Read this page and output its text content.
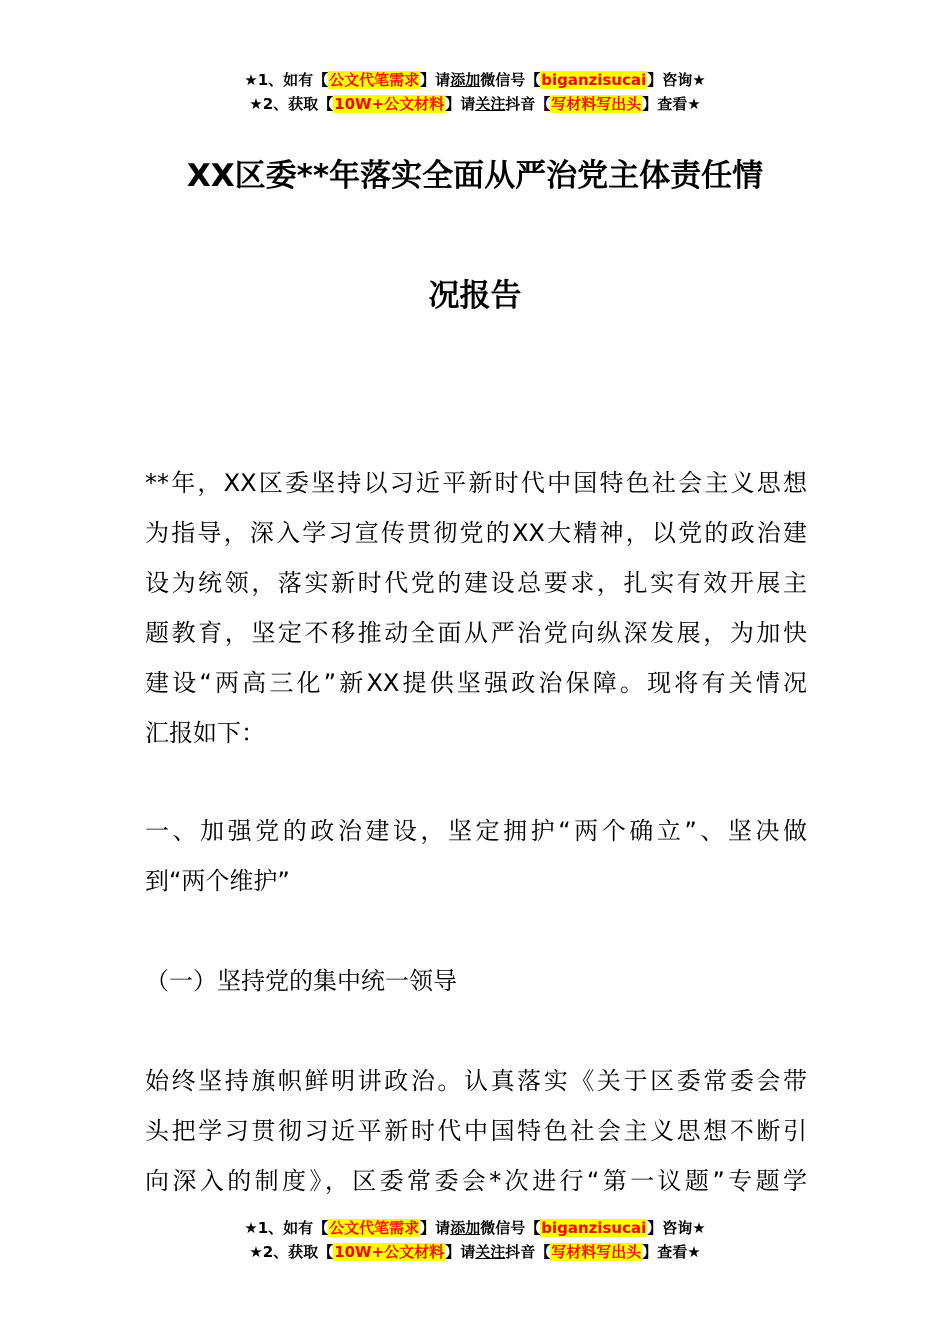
★1、如有【公文代笔需求】请添加微信号【biganzisucai】咨询★
★2、获取【10W+公文材料】请关注抖音【写材料写出头】查看★
XX区委**年落实全面从严治党主体责任情
况报告

**年，XX区委坚持以习近平新时代中国特色社会主义思想
为指导，深入学习宣传贯彻党的XX大精神，以党的政治建
设为统领，落实新时代党的建设总要求，扎实有效开展主
题教育，坚定不移推动全面从严治党向纵深发展，为加快
建设“两高三化”新XX提供坚强政治保障。现将有关情况
汇报如下：

一、加强党的政治建设，坚定拥护“两个确立”、坚决做
到“两个维护”

（一）坚持党的集中统一领导

始终坚持旗帜鲜明讲政治。认真落实《关于区委常委会带
头把学习贯彻习近平新时代中国特色社会主义思想不断引
向深入的制度》，区委常委会*次进行“第一议题”专题学

★1、如有【公文代笔需求】请添加微信号【biganzisucai】咨询★
★2、获取【10W+公文材料】请关注抖音【写材料写出头】查看★
